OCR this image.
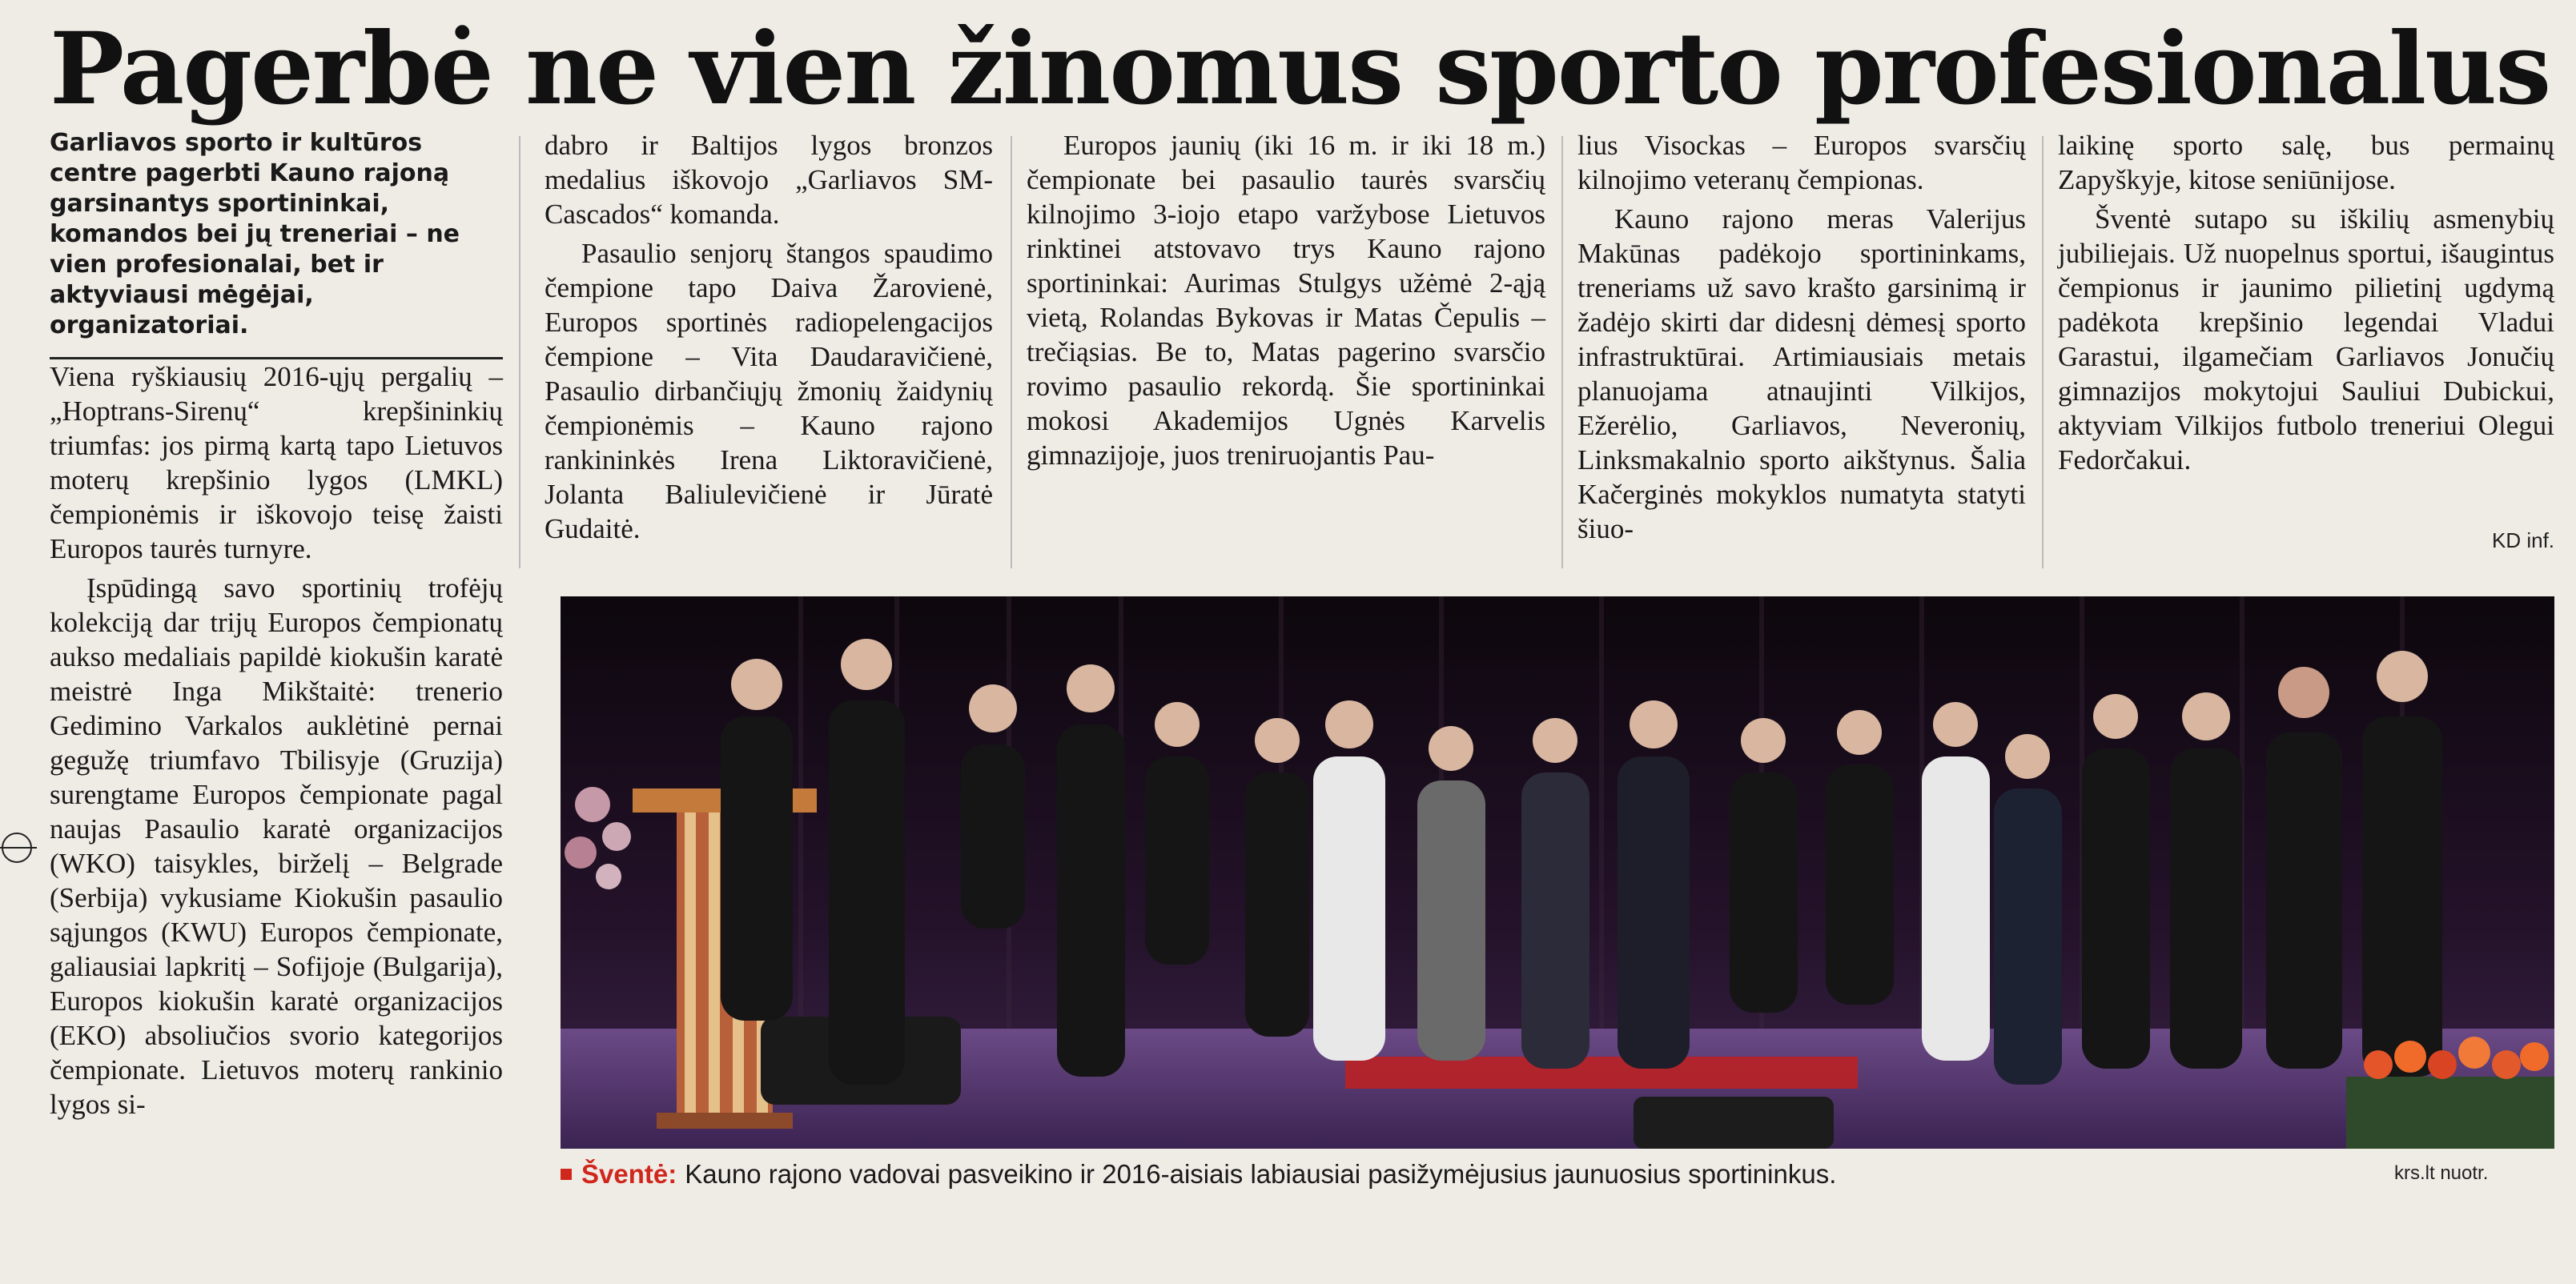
Pagerbė ne vien žinomus sporto profesionalus

Garliavos sporto ir kultūros centre pagerbti Kauno rajoną garsinantys sportininkai, komandos bei jų treneriai – ne vien profesionalai, bet ir aktyviausi mėgėjai, organizatoriai.

Viena ryškiausių 2016-ųjų pergalių – „Hoptrans-Sirenų“ krepšininkių triumfas: jos pirmą kartą tapo Lietuvos moterų krepšinio lygos (LMKL) čempionėmis ir iškovojo teisę žaisti Europos taurės turnyre.

Įspūdingą savo sportinių trofėjų kolekciją dar trijų Europos čempionatų aukso medaliais papildė kiokušin karatė meistrė Inga Mikštaitė: trenerio Gedimino Varkalos auklėtinė pernai gegužę triumfavo Tbilisyje (Gruzija) surengtame Europos čempionate pagal naujas Pasaulio karatė organizacijos (WKO) taisykles, birželį – Belgrade (Serbija) vykusiame Kiokušin pasaulio sąjungos (KWU) Europos čempionate, galiausiai lapkritį – Sofijoje (Bulgarija), Europos kiokušin karatė organizacijos (EKO) absoliučios svorio kategorijos čempionate. Lietuvos moterų rankinio lygos si-

dabro ir Baltijos lygos bronzos medalius iškovojo „Garliavos SM-Cascados“ komanda.

Pasaulio senjorų štangos spaudimo čempione tapo Daiva Žarovienė, Europos sportinės radiopelengacijos čempione – Vita Daudaravičienė, Pasaulio dirbančiųjų žmonių žaidynių čempionėmis – Kauno rajono rankininkės Irena Liktoravičienė, Jolanta Baliulevičienė ir Jūratė Gudaitė.

Europos jaunių (iki 16 m. ir iki 18 m.) čempionate bei pasaulio taurės svarsčių kilnojimo 3-iojo etapo varžybose Lietuvos rinktinei atstovavo trys Kauno rajono sportininkai: Aurimas Stulgys užėmė 2-ąją vietą, Rolandas Bykovas ir Matas Čepulis – trečiąsias. Be to, Matas pagerino svarsčio rovimo pasaulio rekordą. Šie sportininkai mokosi Akademijos Ugnės Karvelis gimnazijoje, juos treniruojantis Pau-

lius Visockas – Europos svarsčių kilnojimo veteranų čempionas.

Kauno rajono meras Valerijus Makūnas padėkojo sportininkams, treneriams už savo krašto garsinimą ir žadėjo skirti dar didesnį dėmesį sporto infrastruktūrai. Artimiausiais metais planuojama atnaujinti Vilkijos, Ežerėlio, Garliavos, Neveronių, Linksmakalnio sporto aikštynus. Šalia Kačerginės mokyklos numatyta statyti šiuo-

laikinę sporto salę, bus permainų Zapyškyje, kitose seniūnijose.

Šventė sutapo su iškilių asmenybių jubiliejais. Už nuopelnus sportui, išaugintus čempionus ir jaunimo pilietinį ugdymą padėkota krepšinio legendai Vladui Garastui, ilgamečiam Garliavos Jonučių gimnazijos mokytojui Sauliui Dubickui, aktyviam Vilkijos futbolo treneriui Olegui Fedorčakui.

KD inf.
Šventė: Kauno rajono vadovai pasveikino ir 2016-aisiais labiausiai pasižymėjusius jaunuosius sportininkus.	krs.lt nuotr.
